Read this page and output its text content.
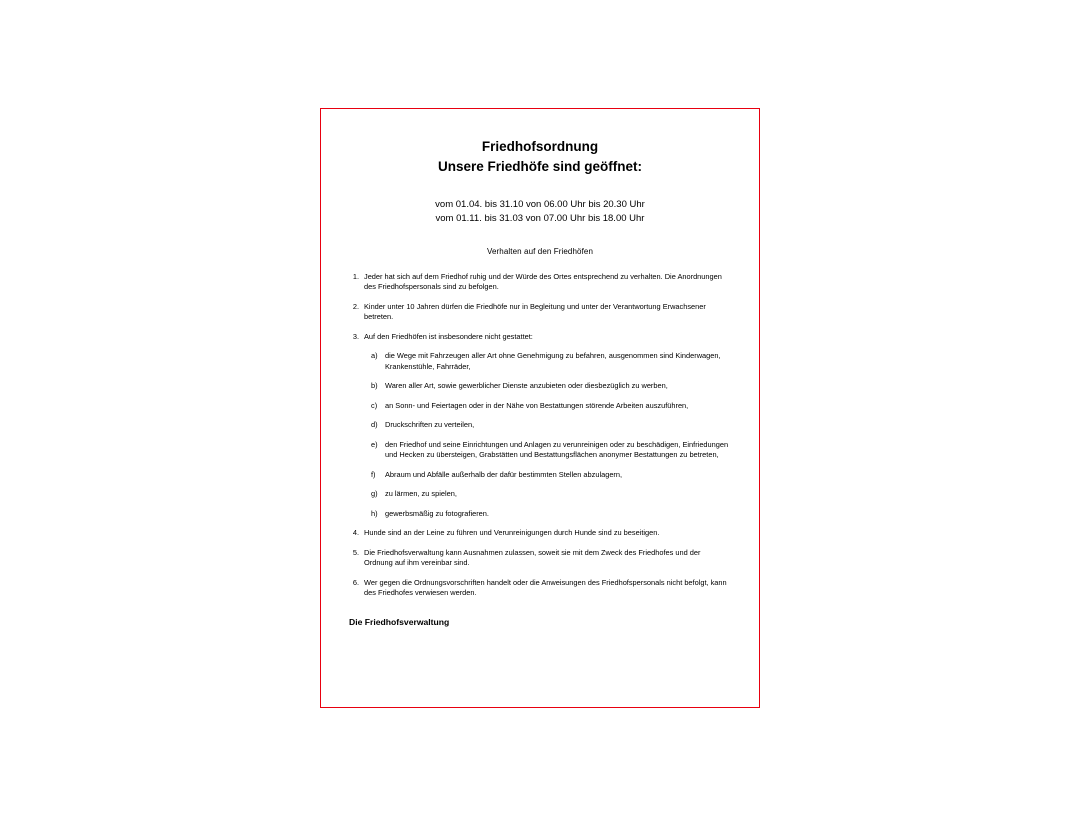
Friedhofsordnung
Unsere Friedhöfe sind geöffnet:
vom 01.04. bis 31.10 von 06.00 Uhr bis 20.30 Uhr
vom 01.11. bis 31.03 von 07.00 Uhr bis 18.00 Uhr
Verhalten auf den Friedhöfen
1. Jeder hat sich auf dem Friedhof ruhig und der Würde des Ortes entsprechend zu verhalten. Die Anordnungen des Friedhofspersonals sind zu befolgen.
2. Kinder unter 10 Jahren dürfen die Friedhöfe nur in Begleitung und unter der Verantwortung Erwachsener betreten.
3. Auf den Friedhöfen ist insbesondere nicht gestattet:
a)	die Wege mit Fahrzeugen aller Art ohne Genehmigung zu befahren, ausgenommen sind Kinderwagen, Krankenstühle, Fahrräder,
b)	Waren aller Art, sowie gewerblicher Dienste anzubieten oder diesbezüglich zu werben,
c)	an Sonn- und Feiertagen oder in der Nähe von Bestattungen störende Arbeiten auszuführen,
d)	Druckschriften zu verteilen,
e)	den Friedhof und seine Einrichtungen und Anlagen zu verunreinigen oder zu beschädigen, Einfriedungen und Hecken zu übersteigen, Grabstätten und Bestattungsflächen anonymer Bestattungen zu betreten,
f)	Abraum und Abfälle außerhalb der dafür bestimmten Stellen abzulagern,
g)	zu lärmen, zu spielen,
h)	gewerbsmäßig zu fotografieren.
4. Hunde sind an der Leine zu führen und Verunreinigungen durch Hunde sind zu beseitigen.
5. Die Friedhofsverwaltung kann Ausnahmen zulassen, soweit sie mit dem Zweck des Friedhofes und der Ordnung auf ihm vereinbar sind.
6. Wer gegen die Ordnungsvorschriften handelt oder die Anweisungen des Friedhofspersonals nicht befolgt, kann des Friedhofes verwiesen werden.
Die Friedhofsverwaltung
